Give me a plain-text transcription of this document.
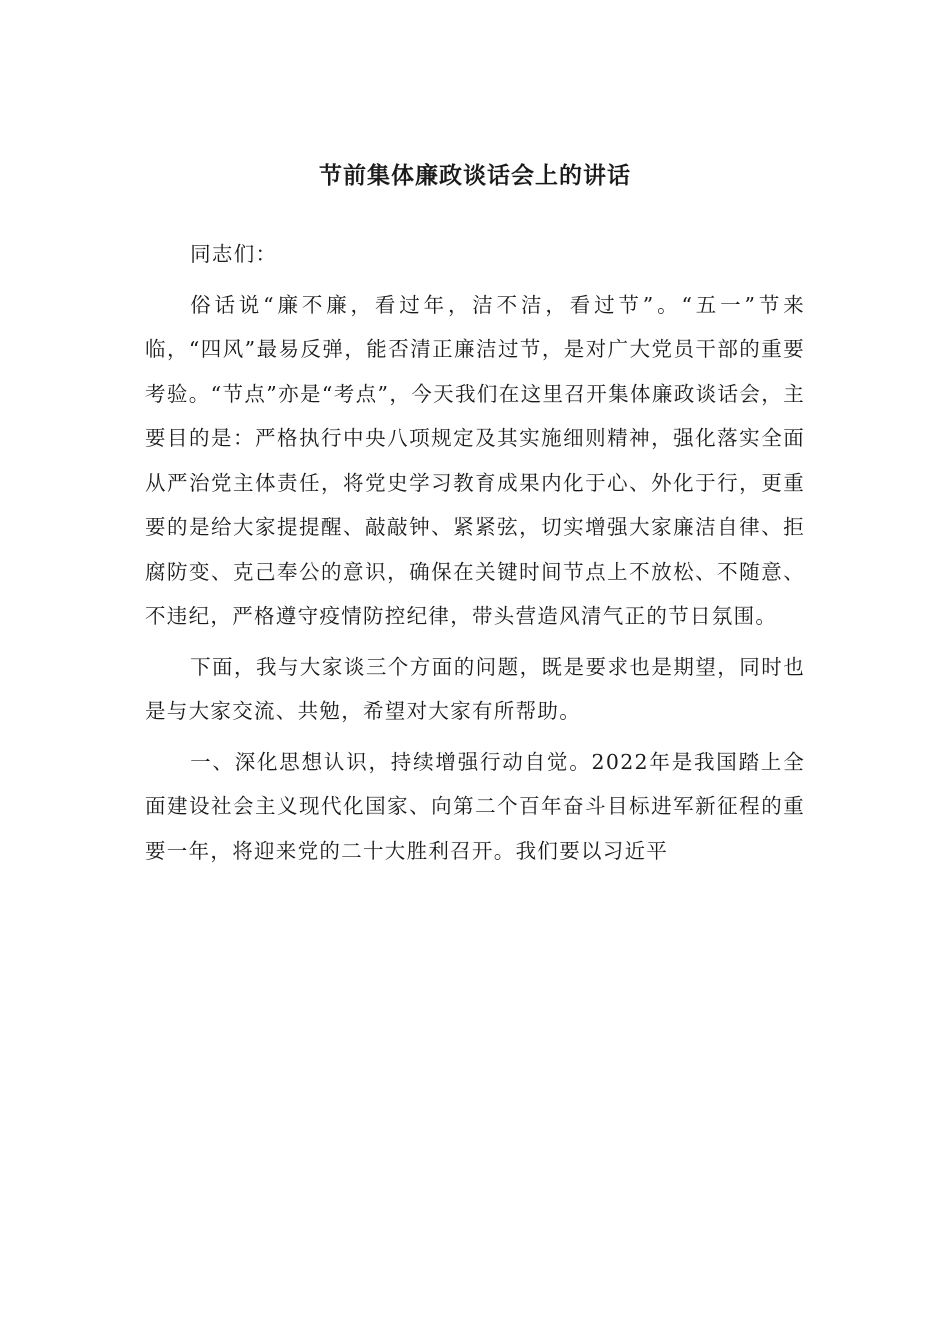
节前集体廉政谈话会上的讲话

同志们：

俗话说“廉不廉，看过年，洁不洁，看过节”。“五一”节来临，“四风”最易反弹，能否清正廉洁过节，是对广大党员干部的重要考验。“节点”亦是“考点”，今天我们在这里召开集体廉政谈话会，主要目的是：严格执行中央八项规定及其实施细则精神，强化落实全面从严治党主体责任，将党史学习教育成果内化于心、外化于行，更重要的是给大家提提醒、敲敲钟、紧紧弦，切实增强大家廉洁自律、拒腐防变、克己奉公的意识，确保在关键时间节点上不放松、不随意、不违纪，严格遵守疫情防控纪律，带头营造风清气正的节日氛围。

下面，我与大家谈三个方面的问题，既是要求也是期望，同时也是与大家交流、共勉，希望对大家有所帮助。

一、深化思想认识，持续增强行动自觉。2022年是我国踏上全面建设社会主义现代化国家、向第二个百年奋斗目标进军新征程的重要一年，将迎来党的二十大胜利召开。我们要以习近平
